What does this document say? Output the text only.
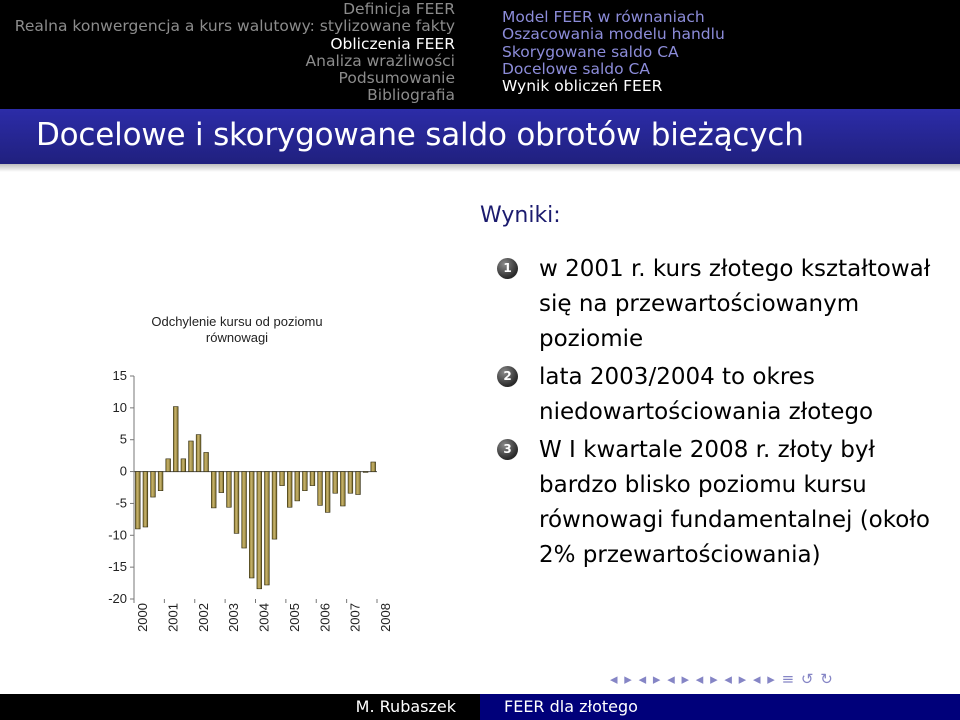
Definicja FEER
Realna konwergencja a kurs walutowy: stylizowane fakty
Obliczenia FEER
Analiza wrażliwości
Podsumowanie
Bibliografia
Model FEER w równaniach
Oszacowania modelu handlu
Skorygowane saldo CA
Docelowe saldo CA
Wynik obliczeń FEER
Docelowe i skorygowane saldo obrotów bieżących
Odchylenie kursu od poziomu
równowagi
15
10
5
0
-5
-10
-15
-20
2000 2001 2002 2003 2004 2005 2006 2007 2008
Wyniki:
1 w 2001 r. kurs złotego kształtował się na przewartościowanym poziomie
2 lata 2003/2004 to okres niedowartościowania złotego
3 W I kwartale 2008 r. złoty był bardzo blisko poziomu kursu równowagi fundamentalnej (około 2% przewartościowania)
◂ ▸ ◂ ▸ ◂ ▸ ◂ ▸ ◂ ▸ ◂ ▸ ≡ ↺ ↻
M. Rubaszek	FEER dla złotego
